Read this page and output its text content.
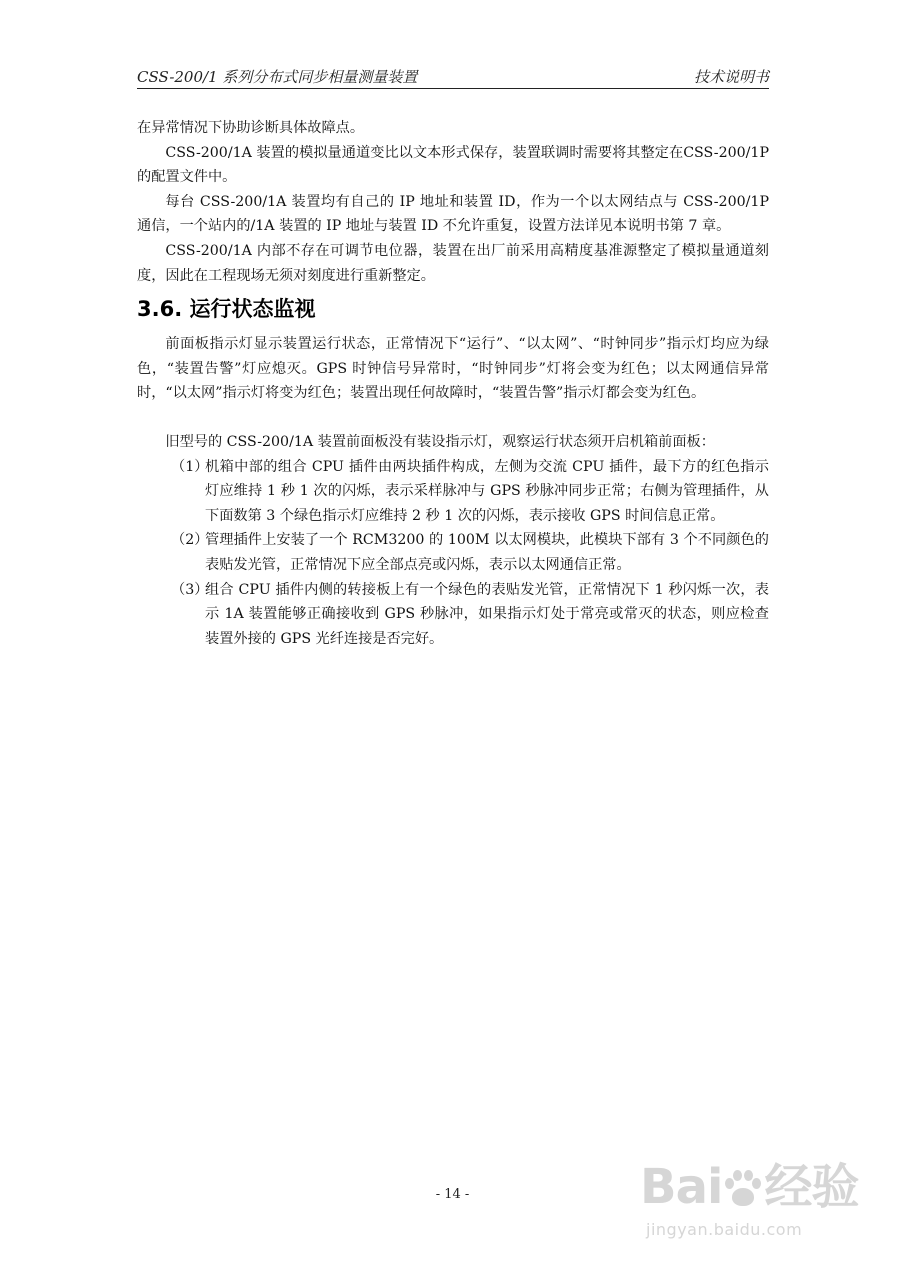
CSS-200/1 系列分布式同步相量测量装置	技术说明书

在异常情况下协助诊断具体故障点。

CSS-200/1A 装置的模拟量通道变比以文本形式保存，装置联调时需要将其整定在CSS-200/1P 的配置文件中。

每台 CSS-200/1A 装置均有自己的 IP 地址和装置 ID，作为一个以太网结点与 CSS-200/1P 通信，一个站内的/1A 装置的 IP 地址与装置 ID 不允许重复，设置方法详见本说明书第 7 章。

CSS-200/1A 内部不存在可调节电位器，装置在出厂前采用高精度基准源整定了模拟量通道刻度，因此在工程现场无须对刻度进行重新整定。

3.6. 运行状态监视

前面板指示灯显示装置运行状态，正常情况下“运行”、“以太网”、“时钟同步”指示灯均应为绿色，“装置告警”灯应熄灭。GPS 时钟信号异常时，“时钟同步”灯将会变为红色；以太网通信异常时，“以太网”指示灯将变为红色；装置出现任何故障时，“装置告警”指示灯都会变为红色。

旧型号的 CSS-200/1A 装置前面板没有装设指示灯，观察运行状态须开启机箱前面板：

（1）
机箱中部的组合 CPU 插件由两块插件构成，左侧为交流 CPU 插件，最下方的红色指示灯应维持 1 秒 1 次的闪烁，表示采样脉冲与 GPS 秒脉冲同步正常；右侧为管理插件，从下面数第 3 个绿色指示灯应维持 2 秒 1 次的闪烁，表示接收 GPS 时间信息正常。
（2）
管理插件上安装了一个 RCM3200 的 100M 以太网模块，此模块下部有 3 个不同颜色的表贴发光管，正常情况下应全部点亮或闪烁，表示以太网通信正常。
（3）
组合 CPU 插件内侧的转接板上有一个绿色的表贴发光管，正常情况下 1 秒闪烁一次，表示 1A 装置能够正确接收到 GPS 秒脉冲，如果指示灯处于常亮或常灭的状态，则应检查装置外接的 GPS 光纤连接是否完好。
- 14 -	Bai 经验
jingyan.baidu.com
